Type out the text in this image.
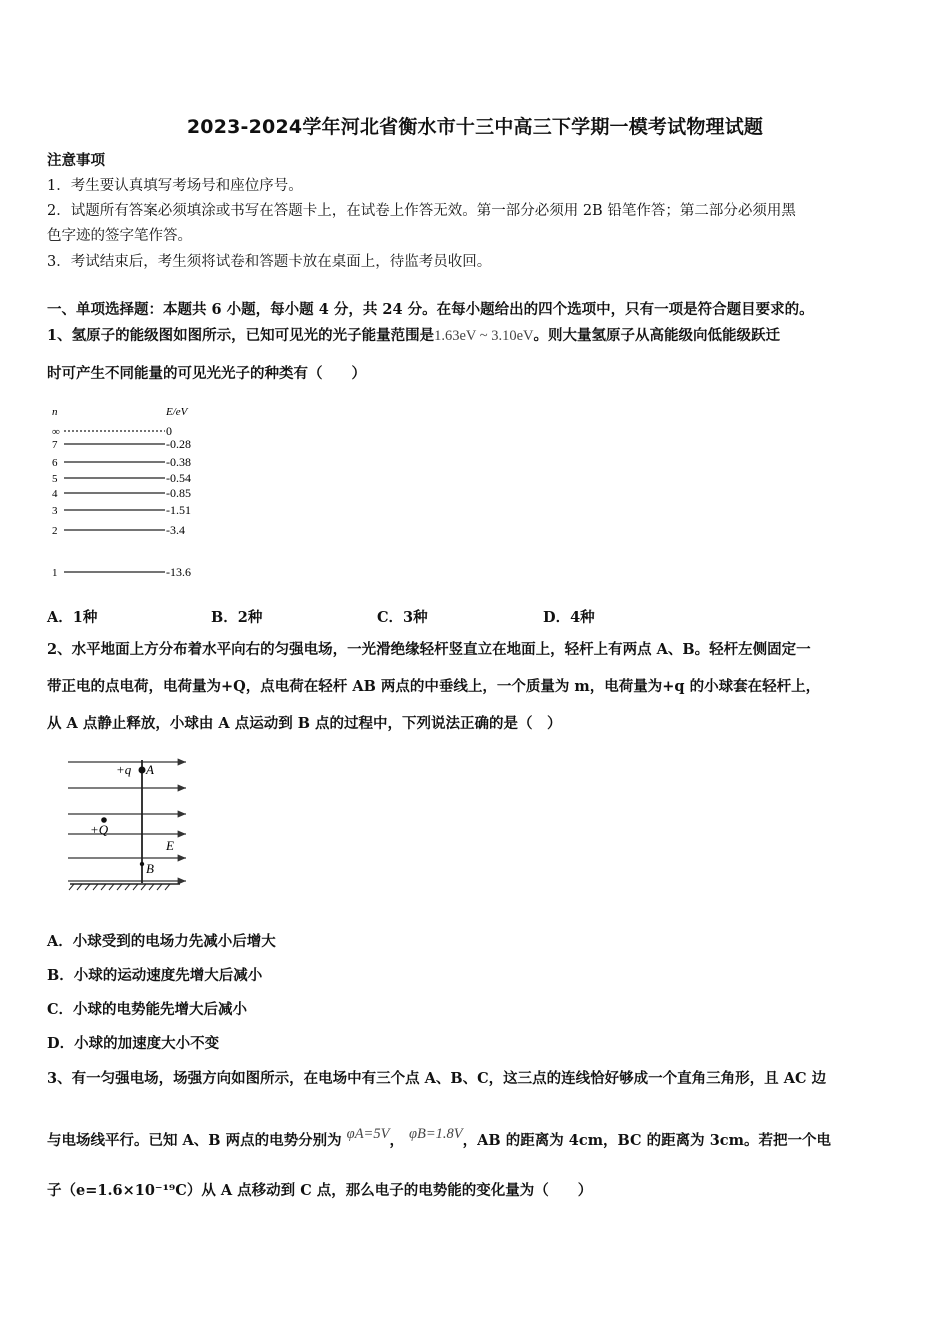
2023-2024学年河北省衡水市十三中高三下学期一模考试物理试题
注意事项
1．考生要认真填写考场号和座位序号。
2．试题所有答案必须填涂或书写在答题卡上，在试卷上作答无效。第一部分必须用 2B 铅笔作答；第二部分必须用黑
色字迹的签字笔作答。
3．考试结束后，考生须将试卷和答题卡放在桌面上，待监考员收回。
一、单项选择题：本题共 6 小题，每小题 4 分，共 24 分。在每小题给出的四个选项中，只有一项是符合题目要求的。
1、氢原子的能级图如图所示，已知可见光的光子能量范围是1.63eV ~ 3.10eV。则大量氢原子从高能级向低能级跃迁
时可产生不同能量的可见光光子的种类有（　　）
n	E/eV
∞	0
7	-0.28
6	-0.38
5	-0.54
4	-0.85
3	-1.51
2	-3.4
1	-13.6
A．1种	B．2种	C．3种	D．4种
2、水平地面上方分布着水平向右的匀强电场，一光滑绝缘轻杆竖直立在地面上，轻杆上有两点 A、B。轻杆左侧固定一
带正电的点电荷，电荷量为+Q，点电荷在轻杆 AB 两点的中垂线上，一个质量为 m，电荷量为+q 的小球套在轻杆上，
从 A 点静止释放，小球由 A 点运动到 B 点的过程中，下列说法正确的是（　）
+q A
+Q
E
B
A．小球受到的电场力先减小后增大
B．小球的运动速度先增大后减小
C．小球的电势能先增大后减小
D．小球的加速度大小不变
3、有一匀强电场，场强方向如图所示，在电场中有三个点 A、B、C，这三点的连线恰好够成一个直角三角形，且 AC 边
与电场线平行。已知 A、B 两点的电势分别为 φA=5V， φB=1.8V，AB 的距离为 4cm，BC 的距离为 3cm。若把一个电
子（e=1.6×10⁻¹⁹C）从 A 点移动到 C 点，那么电子的电势能的变化量为（　　）
